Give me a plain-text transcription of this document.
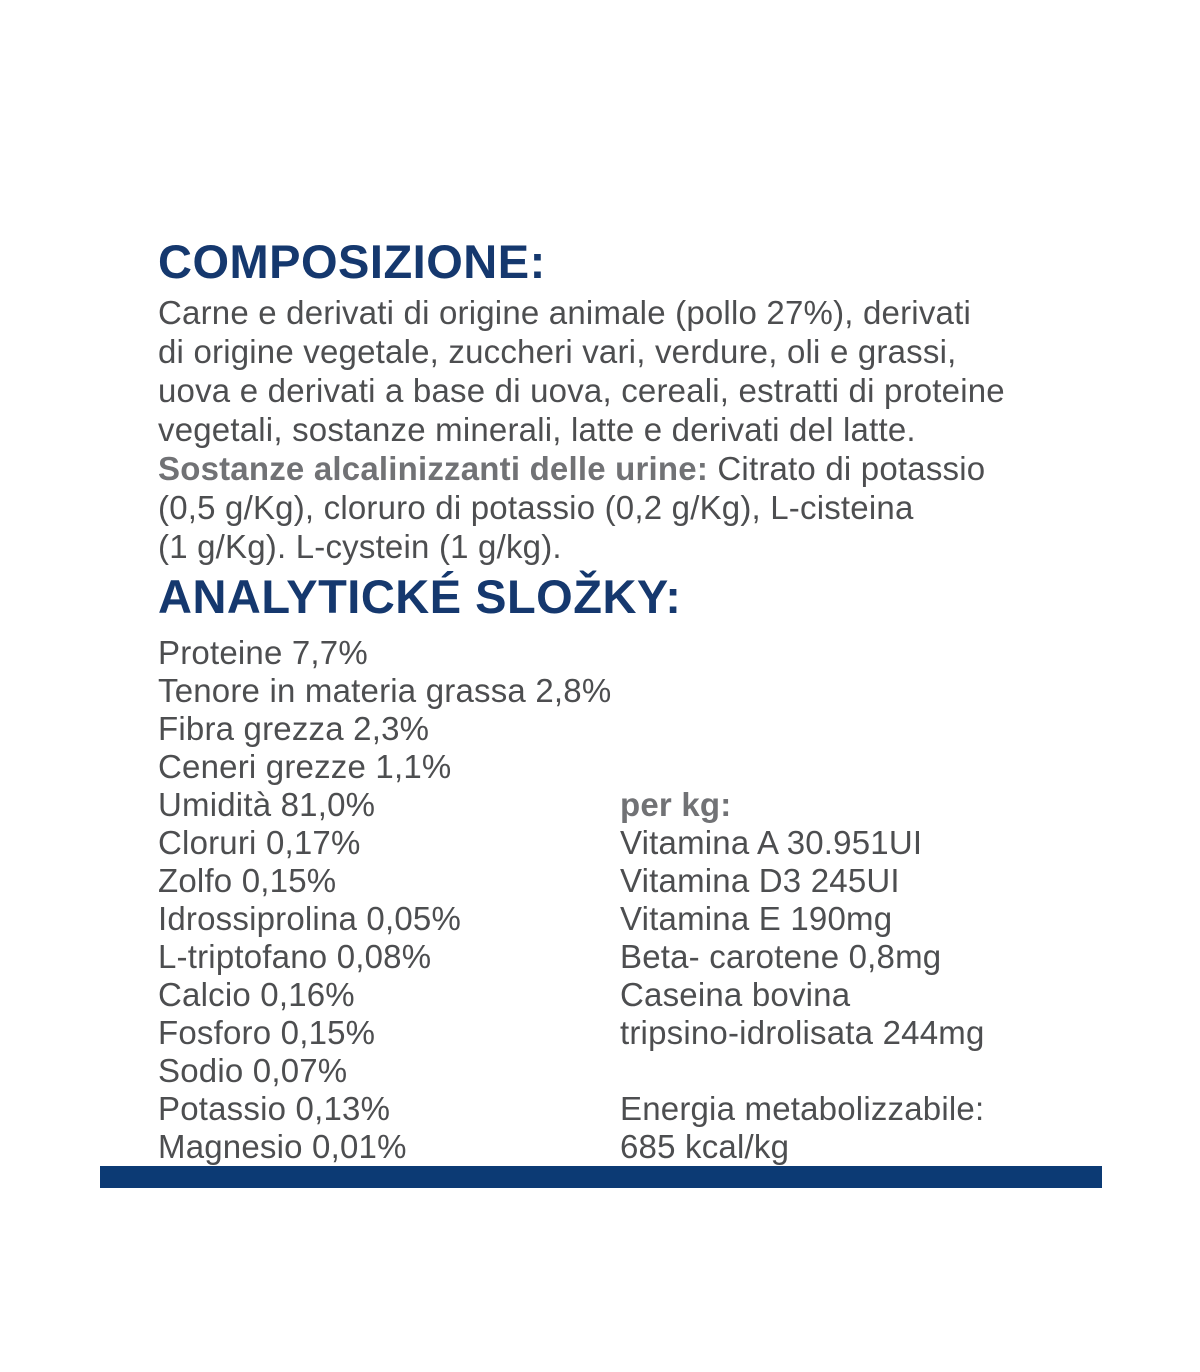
COMPOSIZIONE:
Carne e derivati di origine animale (pollo 27%), derivati
di origine vegetale, zuccheri vari, verdure, oli e grassi,
uova e derivati a base di uova, cereali, estratti di proteine
vegetali, sostanze minerali, latte e derivati del latte.
Sostanze alcalinizzanti delle urine: Citrato di potassio
(0,5 g/Kg), cloruro di potassio (0,2 g/Kg), L-cisteina
(1 g/Kg). L-cystein (1 g/kg).
ANALYTICKÉ SLOŽKY:
Proteine 7,7%
Tenore in materia grassa 2,8%
Fibra grezza 2,3%
Ceneri grezze 1,1%
Umidità 81,0%
Cloruri 0,17%
Zolfo 0,15%
Idrossiprolina 0,05%
L-triptofano 0,08%
Calcio 0,16%
Fosforo 0,15%
Sodio 0,07%
Potassio 0,13%
Magnesio 0,01%
per kg:
Vitamina A 30.951UI
Vitamina D3 245UI
Vitamina E 190mg
Beta- carotene 0,8mg
Caseina bovina
tripsino-idrolisata 244mg
Energia metabolizzabile:
685 kcal/kg
